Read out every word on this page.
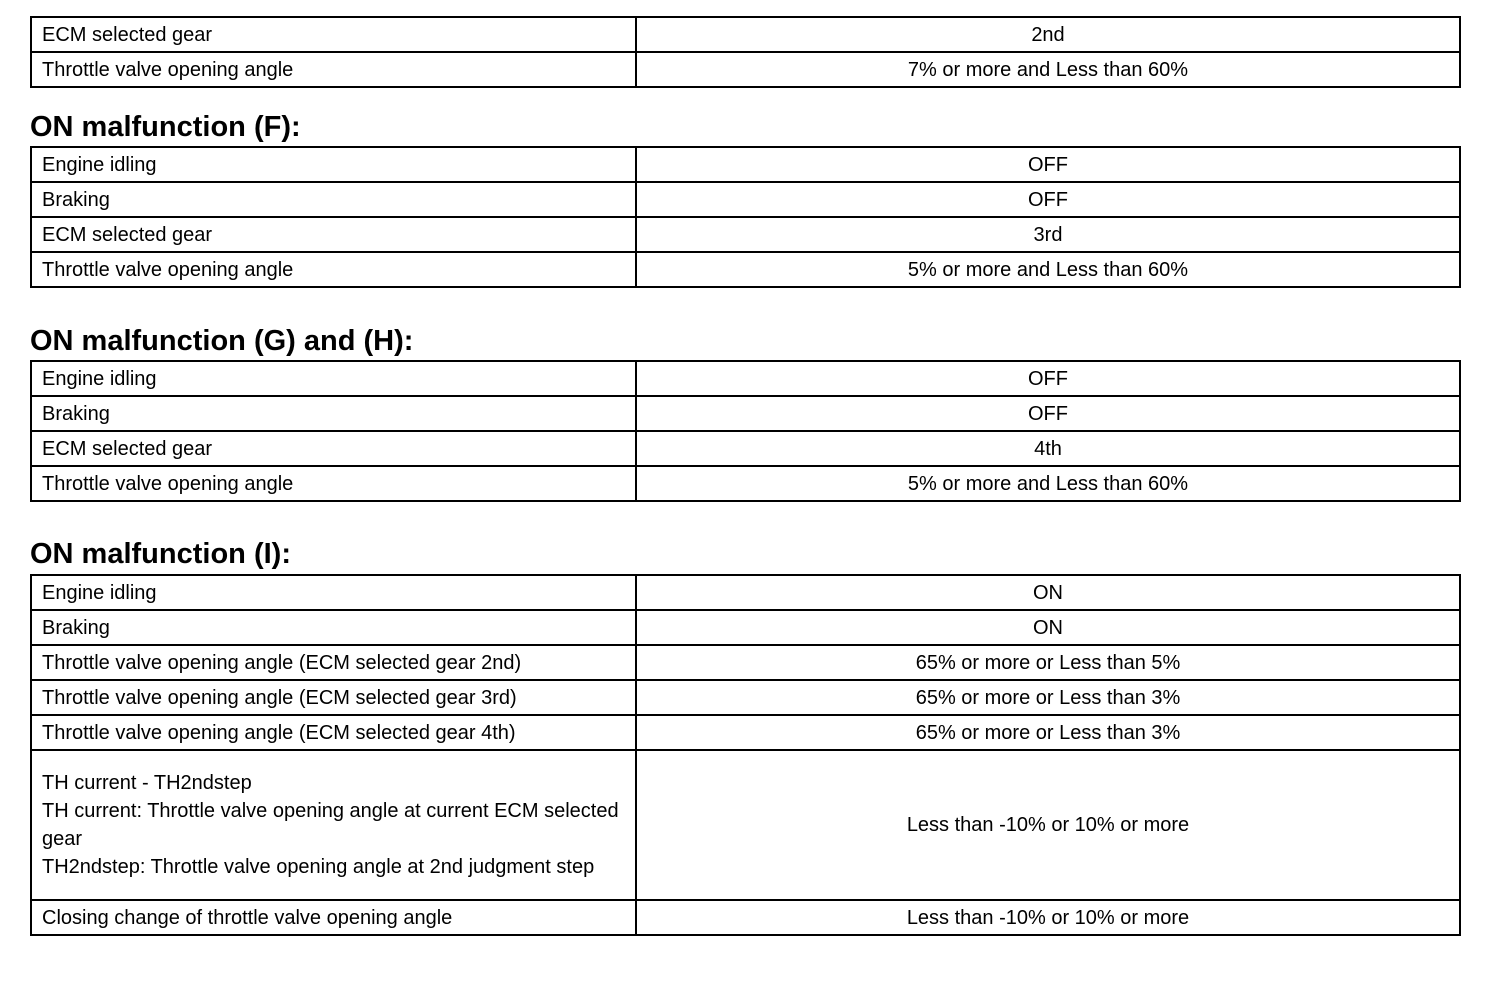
ECM selected gear	2nd
Throttle valve opening angle	7% or more and Less than 60%
ON malfunction (F):
Engine idling	OFF
Braking	OFF
ECM selected gear	3rd
Throttle valve opening angle	5% or more and Less than 60%
ON malfunction (G) and (H):
Engine idling	OFF
Braking	OFF
ECM selected gear	4th
Throttle valve opening angle	5% or more and Less than 60%
ON malfunction (I):
Engine idling	ON
Braking	ON
Throttle valve opening angle (ECM selected gear 2nd)	65% or more or Less than 5%
Throttle valve opening angle (ECM selected gear 3rd)	65% or more or Less than 3%
Throttle valve opening angle (ECM selected gear 4th)	65% or more or Less than 3%
TH current - TH2ndstep
TH current: Throttle valve opening angle at current ECM selected gear
TH2ndstep: Throttle valve opening angle at 2nd judgment step	Less than -10% or 10% or more
Closing change of throttle valve opening angle	Less than -10% or 10% or more
